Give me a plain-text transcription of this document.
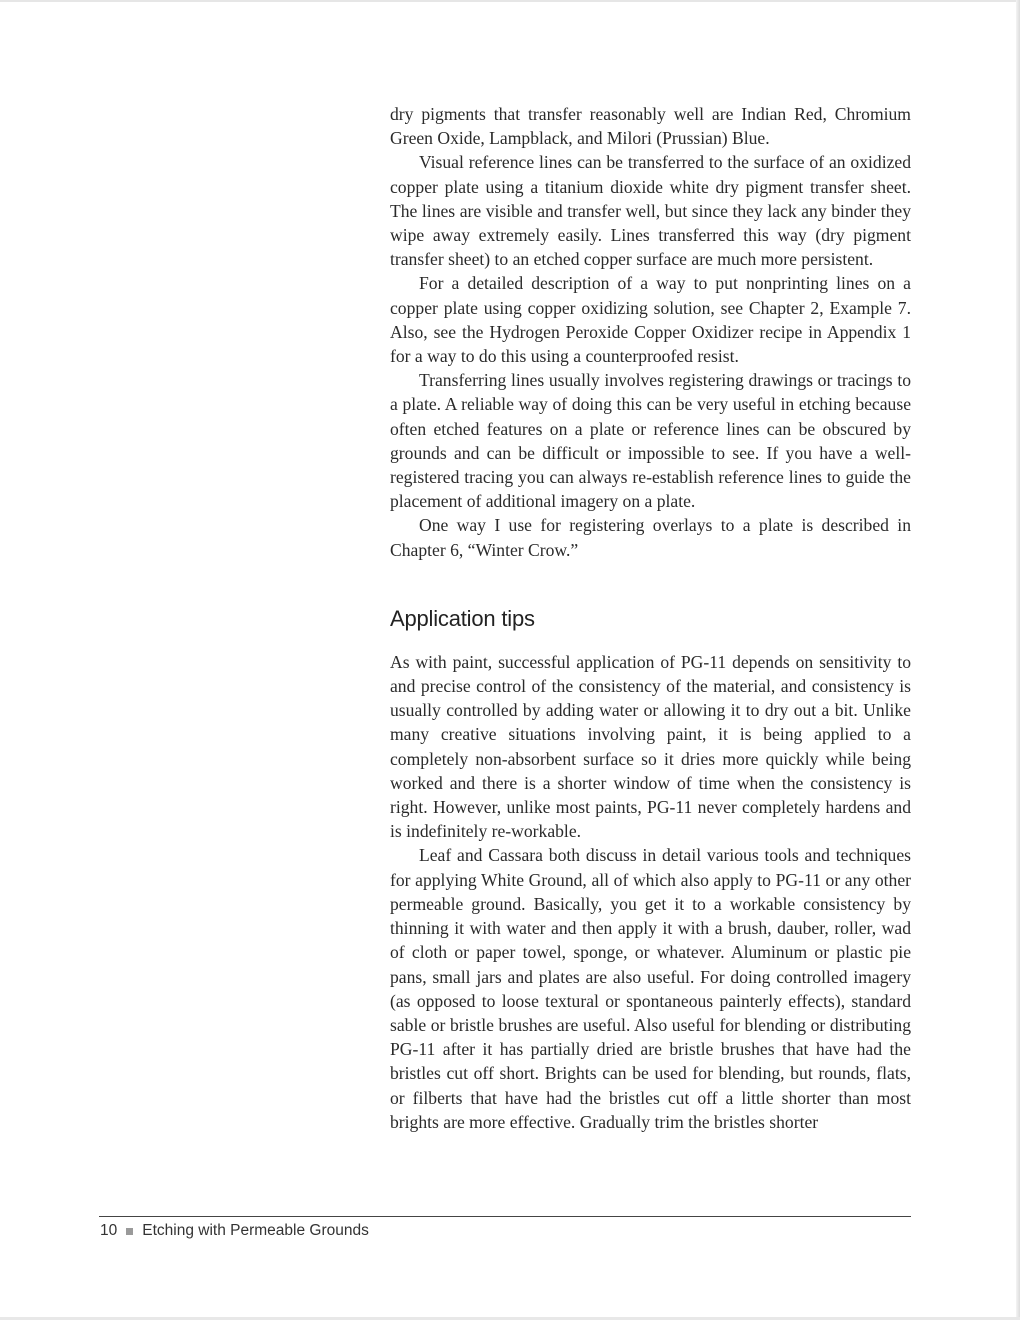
dry pigments that transfer reasonably well are Indian Red, Chromium Green Oxide, Lampblack, and Milori (Prussian) Blue.

Visual reference lines can be transferred to the surface of an oxidized copper plate using a titanium dioxide white dry pigment transfer sheet. The lines are visible and transfer well, but since they lack any binder they wipe away extremely easily. Lines transferred this way (dry pigment transfer sheet) to an etched copper surface are much more persistent.

For a detailed description of a way to put nonprinting lines on a copper plate using copper oxidizing solution, see Chapter 2, Example 7. Also, see the Hydrogen Peroxide Copper Oxidizer recipe in Appendix 1 for a way to do this using a counterproofed resist.

Transferring lines usually involves registering drawings or tracings to a plate. A reliable way of doing this can be very useful in etching because often etched features on a plate or reference lines can be obscured by grounds and can be difficult or impossible to see. If you have a well-registered tracing you can always re-establish reference lines to guide the placement of additional imagery on a plate.

One way I use for registering overlays to a plate is described in Chapter 6, “Winter Crow.”

Application tips

As with paint, successful application of PG-11 depends on sensitivity to and precise control of the consistency of the material, and consistency is usually controlled by adding water or allowing it to dry out a bit. Unlike many creative situations involving paint, it is being applied to a completely non-absorbent surface so it dries more quickly while being worked and there is a shorter window of time when the consistency is right. However, unlike most paints, PG-11 never completely hardens and is indefinitely re-workable.

Leaf and Cassara both discuss in detail various tools and techniques for applying White Ground, all of which also apply to PG-11 or any other permeable ground. Basically, you get it to a workable consistency by thinning it with water and then apply it with a brush, dauber, roller, wad of cloth or paper towel, sponge, or whatever. Aluminum or plastic pie pans, small jars and plates are also useful. For doing controlled imagery (as opposed to loose textural or spontaneous painterly effects), standard sable or bristle brushes are useful. Also useful for blending or distributing PG-11 after it has partially dried are bristle brushes that have had the bristles cut off short. Brights can be used for blending, but rounds, flats, or filberts that have had the bristles cut off a little shorter than most brights are more effective. Gradually trim the bristles shorter

10 Etching with Permeable Grounds
